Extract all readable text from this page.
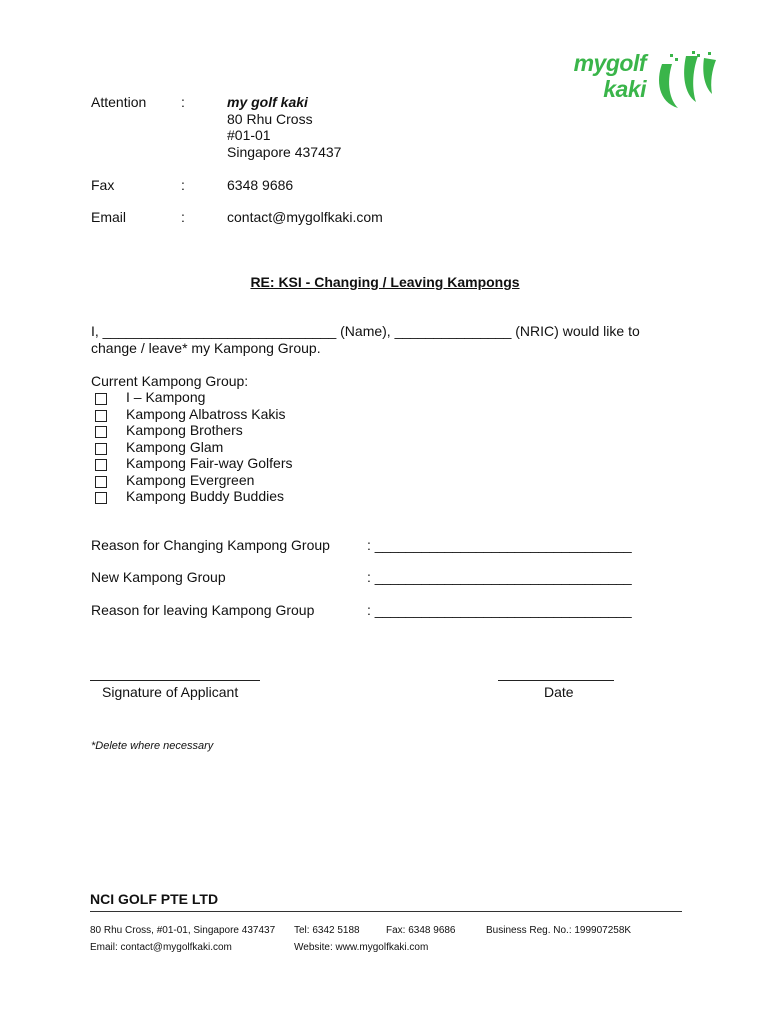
mygolf
kaki
Attention :	my golf kaki
80 Rhu Cross
#01-01
Singapore 437437
Fax	:	6348 9686
Email	:	contact@mygolfkaki.com
RE: KSI - Changing / Leaving Kampongs
I, ______________________________ (Name), _______________ (NRIC) would like to
change / leave* my Kampong Group.
Current Kampong Group:
I – Kampong
Kampong Albatross Kakis
Kampong Brothers
Kampong Glam
Kampong Fair-way Golfers
Kampong Evergreen
Kampong Buddy Buddies
Reason for Changing Kampong Group	: _________________________________
New Kampong Group	: _________________________________
Reason for leaving Kampong Group	: _________________________________
Signature of Applicant	Date
*Delete where necessary
NCI GOLF PTE LTD
80 Rhu Cross, #01-01, Singapore 437437 Tel: 6342 5188	Fax: 6348 9686	Business Reg. No.: 199907258K
Email: contact@mygolfkaki.com	Website: www.mygolfkaki.com
